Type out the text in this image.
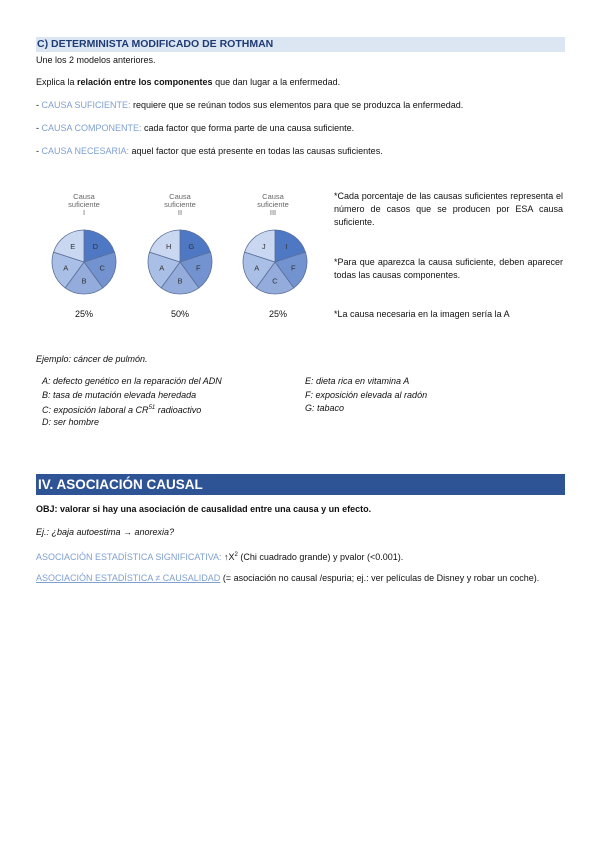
C) DETERMINISTA MODIFICADO DE ROTHMAN
Une los 2 modelos anteriores.
Explica la relación entre los componentes que dan lugar a la enfermedad.
- CAUSA SUFICIENTE: requiere que se reúnan todos sus elementos para que se produzca la enfermedad.
- CAUSA COMPONENTE: cada factor que forma parte de una causa suficiente.
- CAUSA NECESARIA: aquel factor que está presente en todas las causas suficientes.
Causa
suficiente
I
Causa
suficiente
II
Causa
suficiente
III
D
C
B
A
E	G
F
B
A
H	I
F
C
A
J
25%	50%	25%
*Cada porcentaje de las causas suficientes representa el número de casos que se producen por ESA causa suficiente.
*Para que aparezca la causa suficiente, deben aparecer todas las causas componentes.
*La causa necesaria en la imagen sería la A
Ejemplo: cáncer de pulmón.
A: defecto genético en la reparación del ADN
B: tasa de mutación elevada heredada
C: exposición laboral a CR$^{51}$ radioactivo
D: ser hombre
E: dieta rica en vitamina A
F: exposición elevada al radón
G: tabaco
IV. ASOCIACIÓN CAUSAL
OBJ: valorar si hay una asociación de causalidad entre una causa y un efecto.
Ej.: ¿baja autoestima → anorexia?
ASOCIACIÓN ESTADÍSTICA SIGNIFICATIVA: $↑X^2$ (Chi cuadrado grande) y pvalor (<0.001).
ASOCIACIÓN ESTADÍSTICA ≠ CAUSALIDAD (= asociación no causal /espuria; ej.: ver películas de Disney y robar un coche).
